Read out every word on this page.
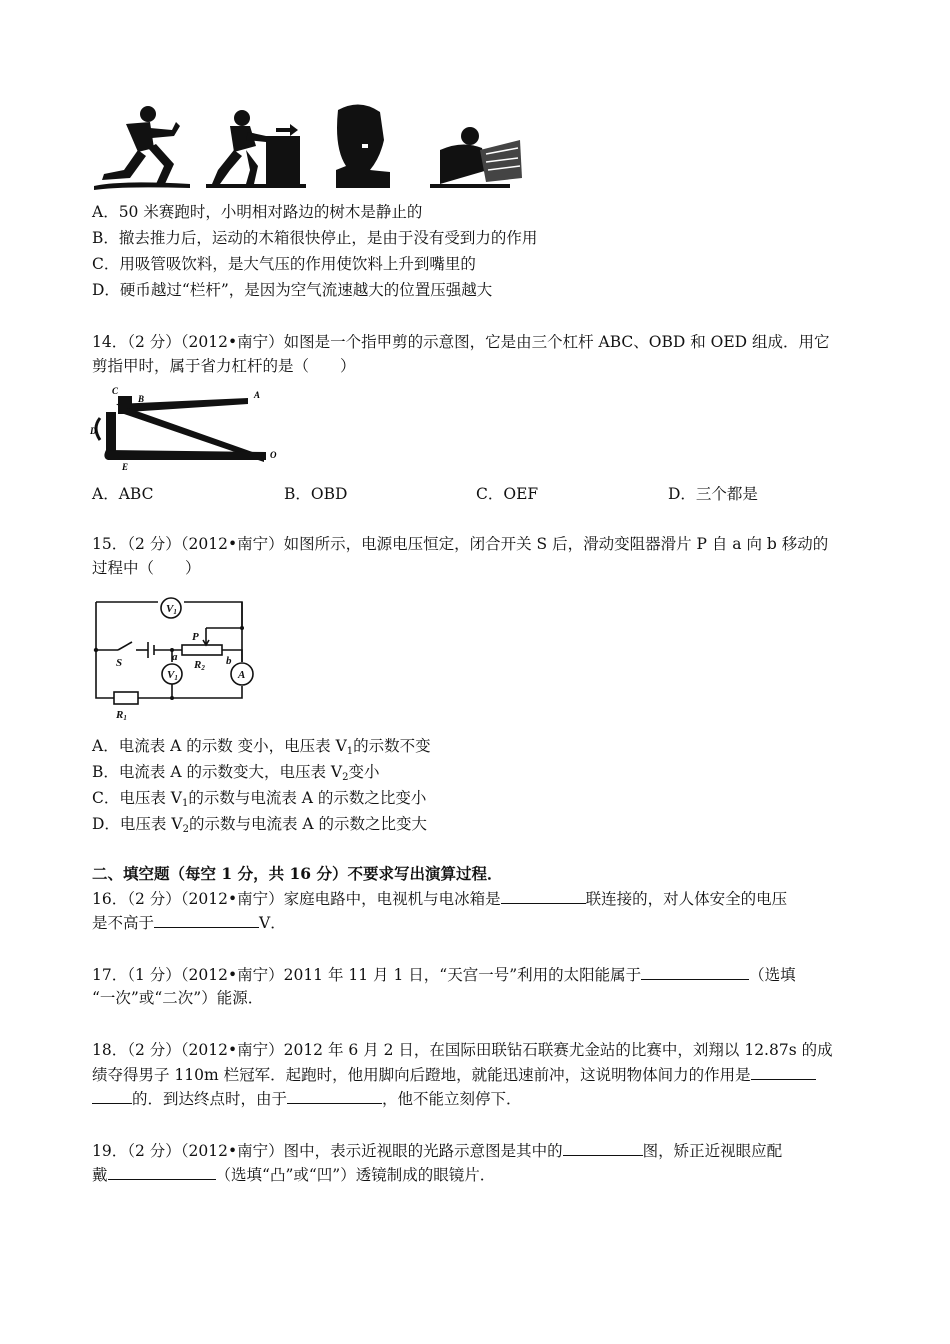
A．50 米赛跑时，小明相对路边的树木是静止的
B．撤去推力后，运动的木箱很快停止，是由于没有受到力的作用
C．用吸管吸饮料，是大气压的作用使饮料上升到嘴里的
D．硬币越过“栏杆”，是因为空气流速越大的位置压强越大
14．（2 分）（2012•南宁）如图是一个指甲剪的示意图，它是由三个杠杆 ABC、OBD 和 OED 组成．用它
剪指甲时，属于省力杠杆的是（　　）
C
B	A
D
E
O
A．ABC	B．OBD	C．OEF	D．三个都是
15．（2 分）（2012•南宁）如图所示，电源电压恒定，闭合开关 S 后，滑动变阻器滑片 P 自 a 向 b 移动的
过程中（　　）
V1
S
P
a
R2
b
V1	A
R1
A．电流表 A 的示数 变小，电压表 $V_1$的示数不变
B．电流表 A 的示数变大，电压表 $V_2$变小
C．电压表 $V_1$的示数与电流表 A 的示数之比变小
D．电压表 $V_2$的示数与电流表 A 的示数之比变大
二、填空题（每空 1 分，共 16 分）不要求写出演算过程．
16．（2 分）（2012•南宁）家庭电路中，电视机与电冰箱是	联连接的，对人体安全的电压
是不高于	V．
17．（1 分）（2012•南宁）2011 年 11 月 1 日，“天宫一号”利用的太阳能属于	（选填
“一次”或“二次”）能源．
18．（2 分）（2012•南宁）2012 年 6 月 2 日，在国际田联钻石联赛尤金站的比赛中，刘翔以 12.87s 的成
绩夺得男子 110m 栏冠军．起跑时，他用脚向后蹬地，就能迅速前冲，这说明物体间力的作用是
的．到达终点时，由于	，他不能立刻停下．
19．（2 分）（2012•南宁）图中，表示近视眼的光路示意图是其中的	图，矫正近视眼应配
戴	（选填“凸”或“凹”）透镜制成的眼镜片．
